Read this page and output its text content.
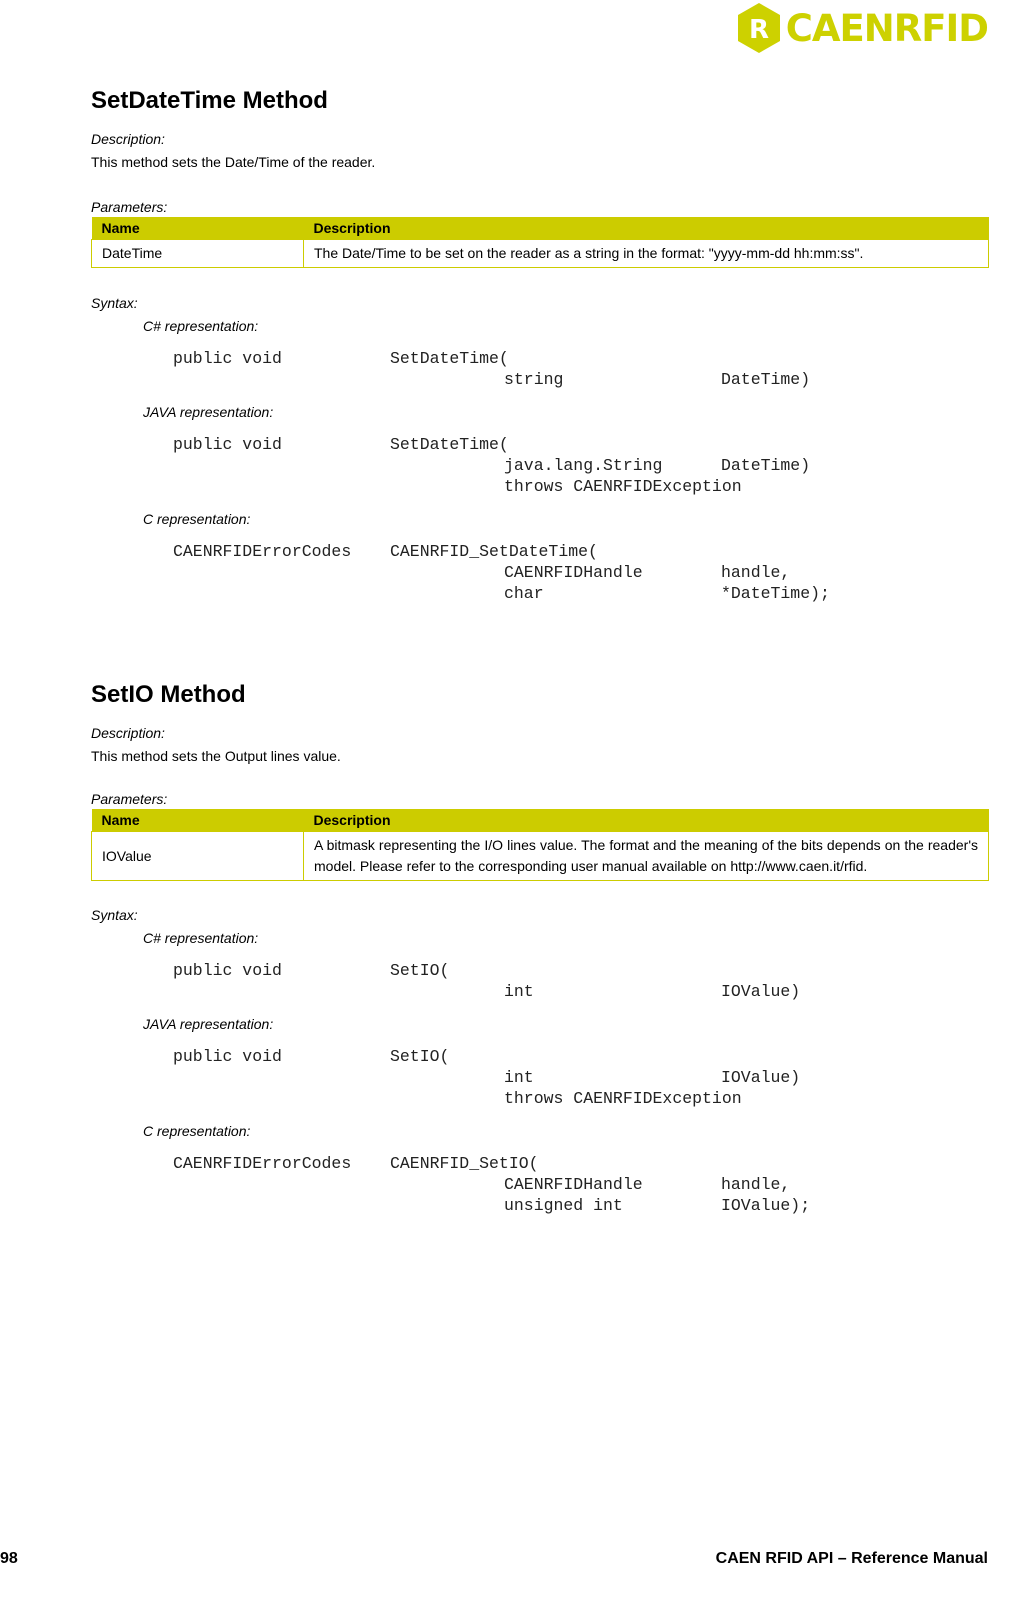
R CAENRFID
SetDateTime Method
Description:
This method sets the Date/Time of the reader.
Parameters:
Name	Description
DateTime	The Date/Time to be set on the reader as a string in the format: "yyyy-mm-dd hh:mm:ss".
Syntax:
C# representation:
public void	SetDateTime(
string	DateTime)
JAVA representation:
public void	SetDateTime(
java.lang.String	DateTime)
throws CAENRFIDException
C representation:
CAENRFIDErrorCodes CAENRFID_SetDateTime(
CAENRFIDHandle	handle,
char	*DateTime);
SetIO Method
Description:
This method sets the Output lines value.
Parameters:
Name	Description
IOValue	A bitmask representing the I/O lines value. The format and the meaning of the bits depends on the reader's model. Please refer to the corresponding user manual available on http://www.caen.it/rfid.
Syntax:
C# representation:
public void	SetIO(
int	IOValue)
JAVA representation:
public void	SetIO(
int	IOValue)
throws CAENRFIDException
C representation:
CAENRFIDErrorCodes CAENRFID_SetIO(
CAENRFIDHandle	handle,
unsigned int	IOValue);
98	CAEN RFID API – Reference Manual
